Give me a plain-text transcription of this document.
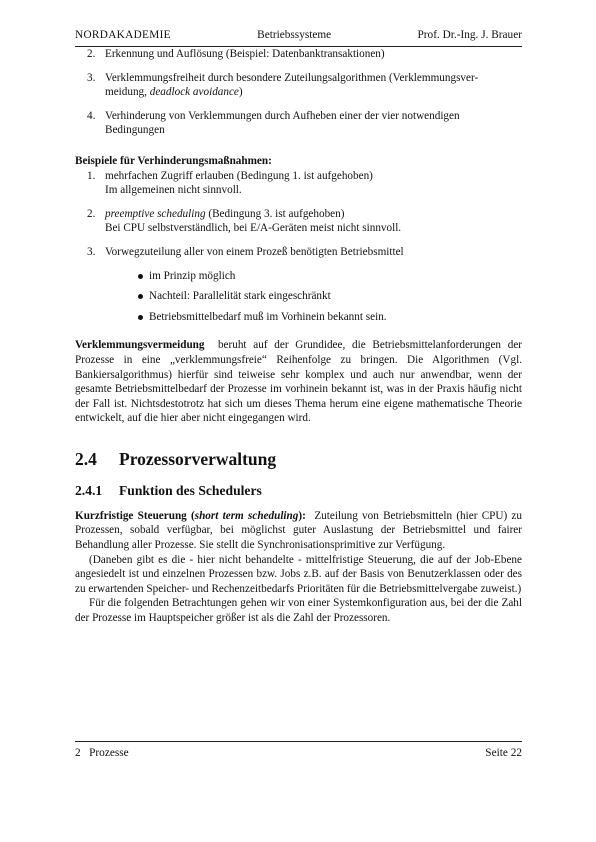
NORDAKADEMIE	Betriebssysteme	Prof. Dr.-Ing. J. Brauer
2. Erkennung und Auflösung (Beispiel: Datenbanktransaktionen)
3. Verklemmungsfreiheit durch besondere Zuteilungsalgorithmen (Verklemmungsver-
meidung, deadlock avoidance)
4. Verhinderung von Verklemmungen durch Aufheben einer der vier notwendigen
Bedingungen
Beispiele für Verhinderungsmaßnahmen:
1. mehrfachen Zugriff erlauben (Bedingung 1. ist aufgehoben)
Im allgemeinen nicht sinnvoll.
2. preemptive scheduling (Bedingung 3. ist aufgehoben)
Bei CPU selbstverständlich, bei E/A-Geräten meist nicht sinnvoll.
3. Vorwegzuteilung aller von einem Prozeß benötigten Betriebsmittel
im Prinzip möglich
Nachteil: Parallelität stark eingeschränkt
Betriebsmittelbedarf muß im Vorhinein bekannt sein.

Verklemmungsvermeidung beruht auf der Grundidee, die Betriebsmittelanforderungen der Prozesse in eine „verklemmungsfreie“ Reihenfolge zu bringen. Die Algorithmen (Vgl. Bankiersalgorithmus) hierfür sind teiweise sehr komplex und auch nur anwendbar, wenn der gesamte Betriebsmittelbedarf der Prozesse im vorhinein bekannt ist, was in der Praxis häufig nicht der Fall ist. Nichtsdestotrotz hat sich um dieses Thema herum eine eigene mathematische Theorie entwickelt, auf die hier aber nicht eingegangen wird.

2.4 Prozessorverwaltung
2.4.1 Funktion des Schedulers

Kurzfristige Steuerung (short term scheduling): Zuteilung von Betriebsmitteln (hier CPU) zu Prozessen, sobald verfügbar, bei möglichst guter Auslastung der Betriebsmittel und fairer Behandlung aller Prozesse. Sie stellt die Synchronisationsprimitive zur Verfügung.

(Daneben gibt es die - hier nicht behandelte - mittelfristige Steuerung, die auf der Job-Ebene angesiedelt ist und einzelnen Prozessen bzw. Jobs z.B. auf der Basis von Benutzerklassen oder des zu erwartenden Speicher- und Rechenzeitbedarfs Prioritäten für die Betriebsmittelvergabe zuweist.)

Für die folgenden Betrachtungen gehen wir von einer Systemkonfiguration aus, bei der die Zahl der Prozesse im Hauptspeicher größer ist als die Zahl der Prozessoren.

2   Prozesse	Seite 22
